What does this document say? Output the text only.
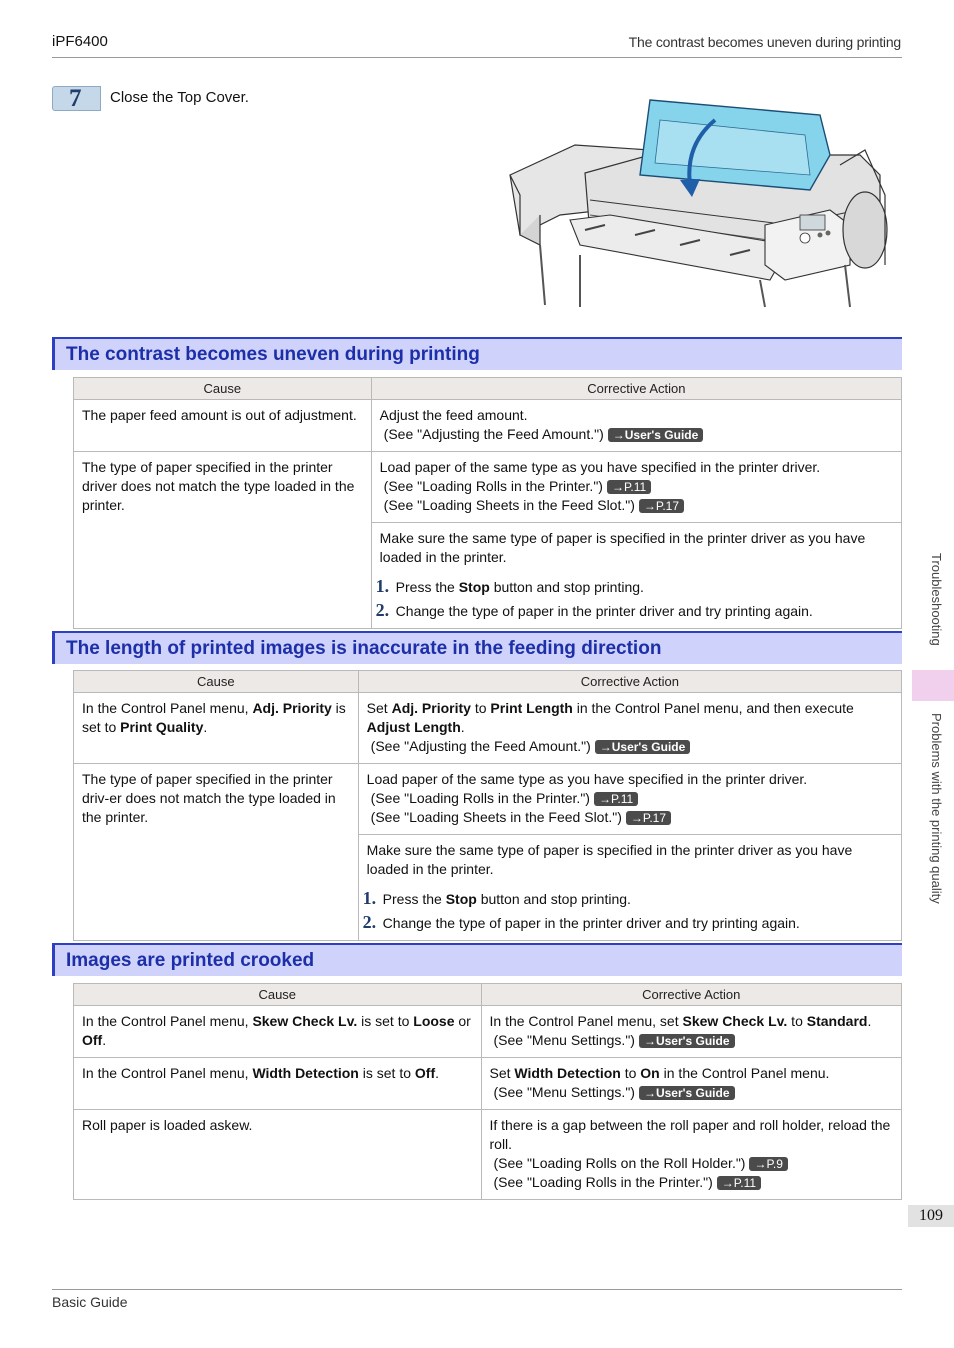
iPF6400	The contrast becomes uneven during printing
7 Close the Top Cover.
The contrast becomes uneven during printing
Cause	Corrective Action
The paper feed amount is out of adjustment.	Adjust the feed amount.
(See "Adjusting the Feed Amount.") →User's Guide

The type of paper specified in the printer driver does not match the type loaded in the printer.	Load paper of the same type as you have specified in the printer driver.
(See "Loading Rolls in the Printer.") →P.11
(See "Loading Sheets in the Feed Slot.") →P.17

	Make sure the same type of paper is specified in the printer driver as you have loaded in the printer.
1. Press the Stop button and stop printing.
2. Change the type of paper in the printer driver and try printing again.
The length of printed images is inaccurate in the feeding direction
Cause	Corrective Action
In the Control Panel menu, Adj. Priority is set to Print Quality.	Set Adj. Priority to Print Length in the Control Panel menu, and then execute Adjust Length.
(See "Adjusting the Feed Amount.") →User's Guide

The type of paper specified in the printer driv-er does not match the type loaded in the printer.	Load paper of the same type as you have specified in the printer driver.
(See "Loading Rolls in the Printer.") →P.11
(See "Loading Sheets in the Feed Slot.") →P.17

	Make sure the same type of paper is specified in the printer driver as you have loaded in the printer.
1. Press the Stop button and stop printing.
2. Change the type of paper in the printer driver and try printing again.
Images are printed crooked
Cause	Corrective Action
In the Control Panel menu, Skew Check Lv. is set to Loose or Off.	In the Control Panel menu, set Skew Check Lv. to Standard.
(See "Menu Settings.") →User's Guide

In the Control Panel menu, Width Detection is set to Off.	Set Width Detection to On in the Control Panel menu.
(See "Menu Settings.") →User's Guide

Roll paper is loaded askew.	If there is a gap between the roll paper and roll holder, reload the roll.
(See "Loading Rolls on the Roll Holder.") →P.9
(See "Loading Rolls in the Printer.") →P.11
Troubleshooting
Problems with the printing quality
109
Basic Guide
